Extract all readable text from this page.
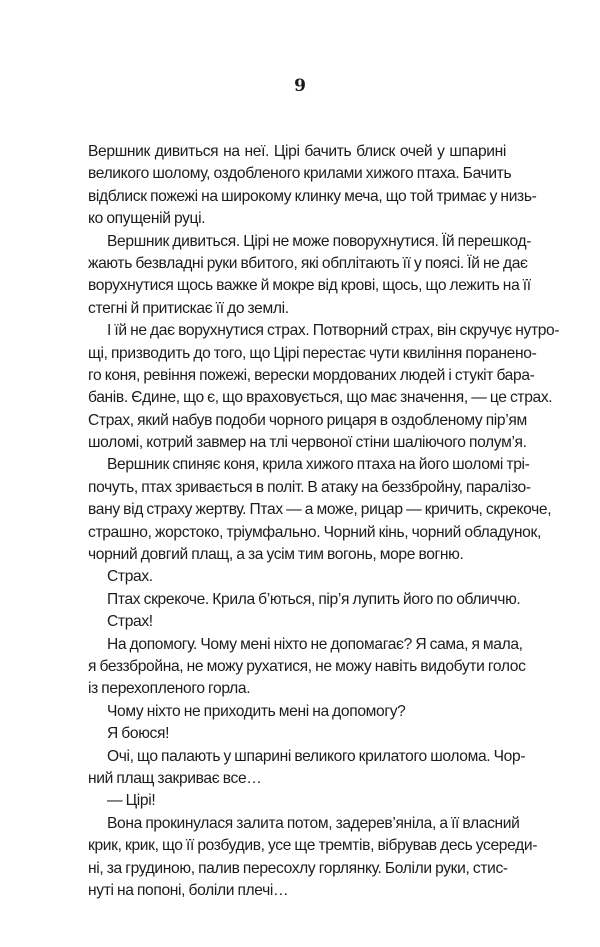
9
Вершник дивиться на неї. Цірі бачить блиск очей у шпарині
великого шолому, оздобленого крилами хижого птаха. Бачить
відблиск пожежі на широкому клинку меча, що той тримає у низь-
ко опущеній руці.
Вершник дивиться. Цірі не може поворухнутися. Їй перешкод-
жають безвладні руки вбитого, які обплітають її у поясі. Їй не дає
ворухнутися щось важке й мокре від крові, щось, що лежить на її
стегні й притискає її до землі.
І їй не дає ворухнутися страх. Потворний страх, він скручує нутро-
щі, призводить до того, що Цірі перестає чути квиління поранено-
го коня, ревіння пожежі, верески мордованих людей і стукіт бара-
банів. Єдине, що є, що враховується, що має значення, — це страх.
Страх, який набув подоби чорного рицаря в оздобленому пір’ям
шоломі, котрий завмер на тлі червоної стіни шаліючого полум’я.
Вершник спиняє коня, крила хижого птаха на його шоломі трі-
почуть, птах зривається в політ. В атаку на беззбройну, паралізо-
вану від страху жертву. Птах — а може, рицар — кричить, скрекоче,
страшно, жорстоко, тріумфально. Чорний кінь, чорний обладунок,
чорний довгий плащ, а за усім тим вогонь, море вогню.
Страх.
Птах скрекоче. Крила б’ються, пір’я лупить його по обличчю.
Страх!
На допомогу. Чому мені ніхто не допомагає? Я сама, я мала,
я беззбройна, не можу рухатися, не можу навіть видобути голос
із перехопленого горла.
Чому ніхто не приходить мені на допомогу?
Я боюся!
Очі, що палають у шпарині великого крилатого шолома. Чор-
ний плащ закриває все…
— Цірі!
Вона прокинулася залита потом, задерев’яніла, а її власний
крик, крик, що її розбудив, усе ще тремтів, вібрував десь усереди-
ні, за грудиною, палив пересохлу горлянку. Боліли руки, стис-
нуті на попоні, боліли плечі…
